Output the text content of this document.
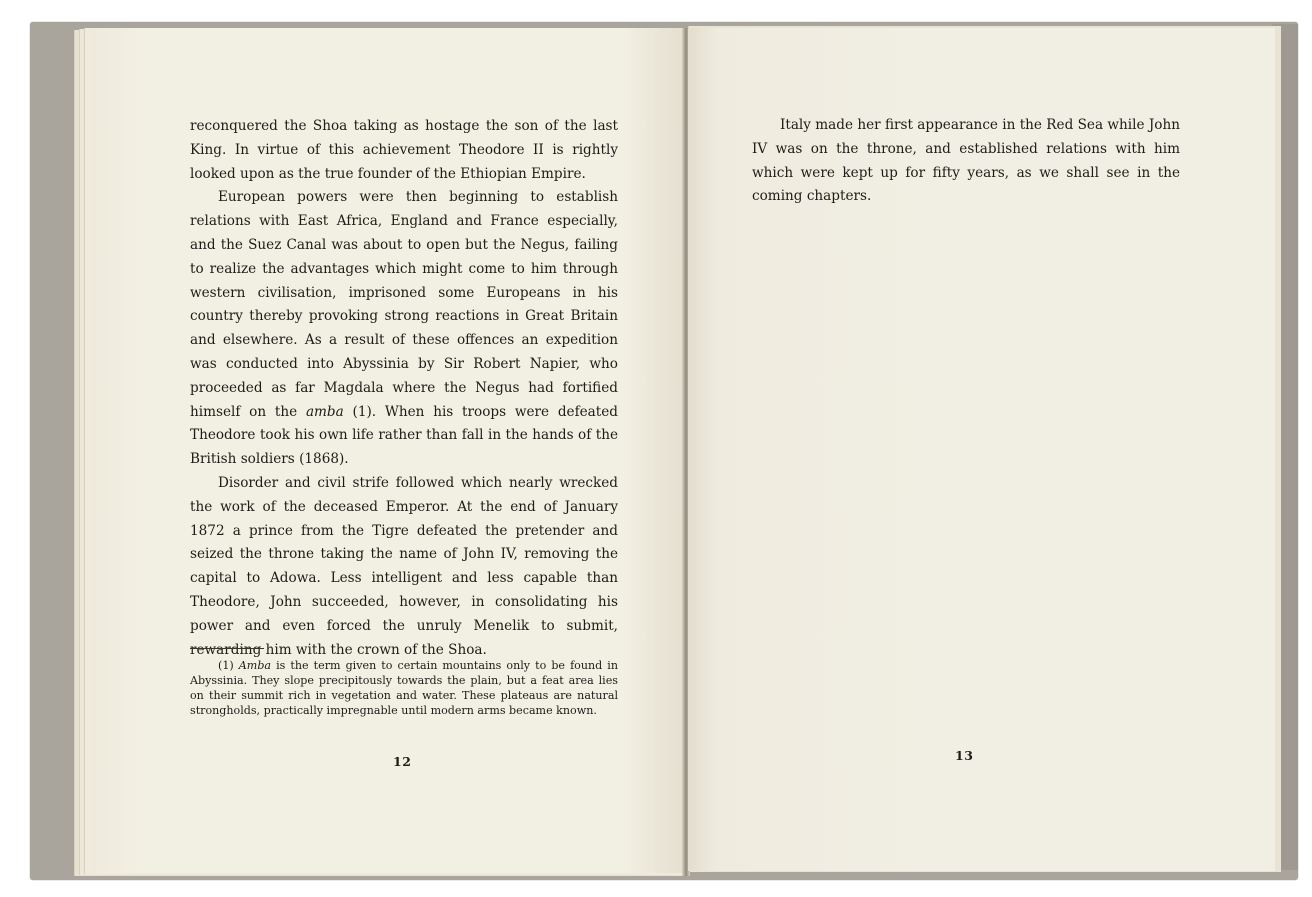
reconquered the Shoa taking as hostage the son of the last King. In virtue of this achievement Theodore II is rightly looked upon as the true founder of the Ethiopian Empire.

European powers were then beginning to establish relations with East Africa, England and France especially, and the Suez Canal was about to open but the Negus, failing to realize the advantages which might come to him through western civilisation, imprisoned some Europeans in his country thereby provoking strong reactions in Great Britain and elsewhere. As a result of these offences an expedition was conducted into Abyssinia by Sir Robert Napier, who proceeded as far Magdala where the Negus had fortified himself on the amba (1). When his troops were defeated Theodore took his own life rather than fall in the hands of the British soldiers (1868).

Disorder and civil strife followed which nearly wrecked the work of the deceased Emperor. At the end of January 1872 a prince from the Tigre defeated the pretender and seized the throne taking the name of John IV, removing the capital to Adowa. Less intelligent and less capable than Theodore, John succeeded, however, in consolidating his power and even forced the unruly Menelik to submit, rewarding him with the crown of the Shoa.

(1) Amba is the term given to certain mountains only to be found in Abyssinia. They slope precipitously towards the plain, but a feat area lies on their summit rich in vegetation and water. These plateaus are natural strongholds, practically impregnable until modern arms became known.
12

Italy made her first appearance in the Red Sea while John IV was on the throne, and established relations with him which were kept up for fifty years, as we shall see in the coming chapters.

13
